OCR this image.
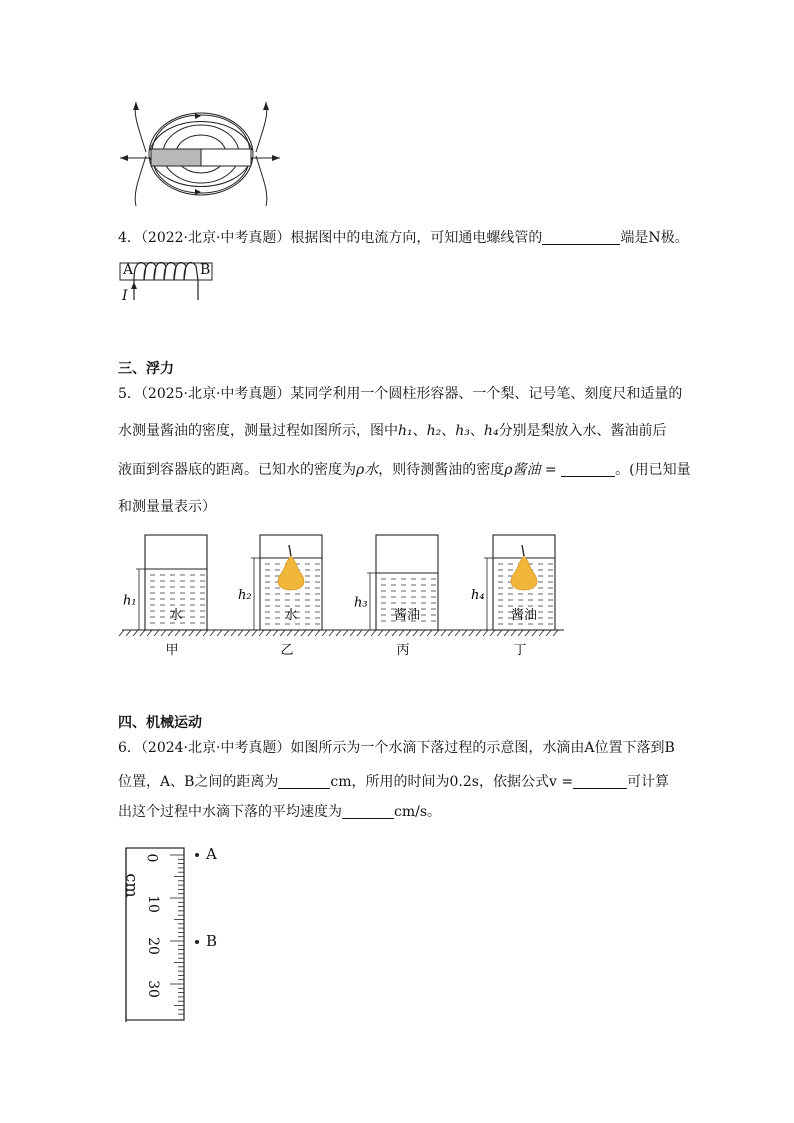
4．（2022·北京·中考真题）根据图中的电流方向，可知通电螺线管的	端是N极。
A	B
I
三、浮力
5．（2025·北京·中考真题）某同学利用一个圆柱形容器、一个梨、记号笔、刻度尺和适量的
水测量酱油的密度，测量过程如图所示，图中h₁、h₂、h₃、h₄分别是梨放入水、酱油前后
液面到容器底的距离。已知水的密度为ρ水，则待测酱油的密度ρ酱油 =	。(用已知量
和测量量表示）
h₁
水
甲
h₂
水
乙
h₃
酱油
丙
h₄
酱油
丁
四、机械运动
6．（2024·北京·中考真题）如图所示为一个水滴下落过程的示意图，水滴由A位置下落到B
位置，A、B之间的距离为	cm，所用的时间为0.2s，依据公式v =	可计算
出这个过程中水滴下落的平均速度为	cm/s。
cm
0
10
20
30
A
B
